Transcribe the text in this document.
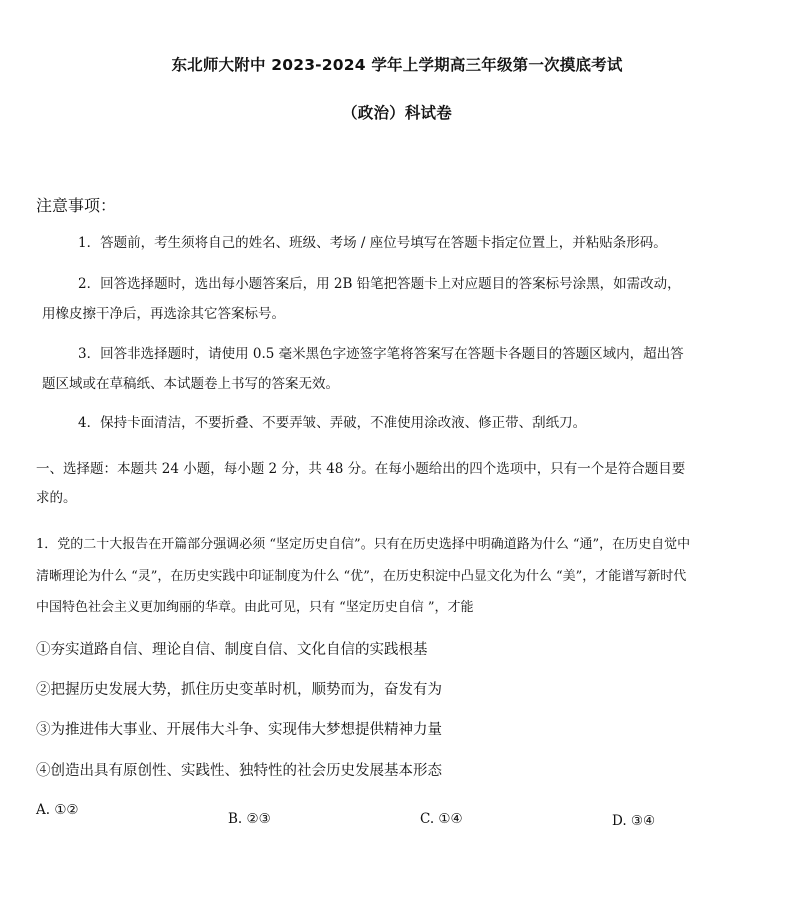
东北师大附中 2023-2024 学年上学期高三年级第一次摸底考试
（政治）科试卷
注意事项：
1．答题前，考生须将自己的姓名、班级、考场 / 座位号填写在答题卡指定位置上，并粘贴条形码。
2．回答选择题时，选出每小题答案后，用 2B 铅笔把答题卡上对应题目的答案标号涂黑，如需改动，
用橡皮擦干净后，再选涂其它答案标号。
3．回答非选择题时，请使用 0.5 毫米黑色字迹签字笔将答案写在答题卡各题目的答题区域内，超出答
题区域或在草稿纸、本试题卷上书写的答案无效。
4．保持卡面清洁，不要折叠、不要弄皱、弄破，不准使用涂改液、修正带、刮纸刀。
一、选择题：本题共 24 小题，每小题 2 分，共 48 分。在每小题给出的四个选项中，只有一个是符合题目要
求的。
1．党的二十大报告在开篇部分强调必须 “坚定历史自信”。只有在历史选择中明确道路为什么 “通”，在历史自觉中
清晰理论为什么 “灵”，在历史实践中印证制度为什么 “优”，在历史积淀中凸显文化为什么 “美”，才能谱写新时代
中国特色社会主义更加绚丽的华章。由此可见，只有 “坚定历史自信 ”，才能
①夯实道路自信、理论自信、制度自信、文化自信的实践根基
②把握历史发展大势，抓住历史变革时机，顺势而为，奋发有为
③为推进伟大事业、开展伟大斗争、实现伟大梦想提供精神力量
④创造出具有原创性、实践性、独特性的社会历史发展基本形态
A. ①②
B. ②③	C. ①④	D. ③④
